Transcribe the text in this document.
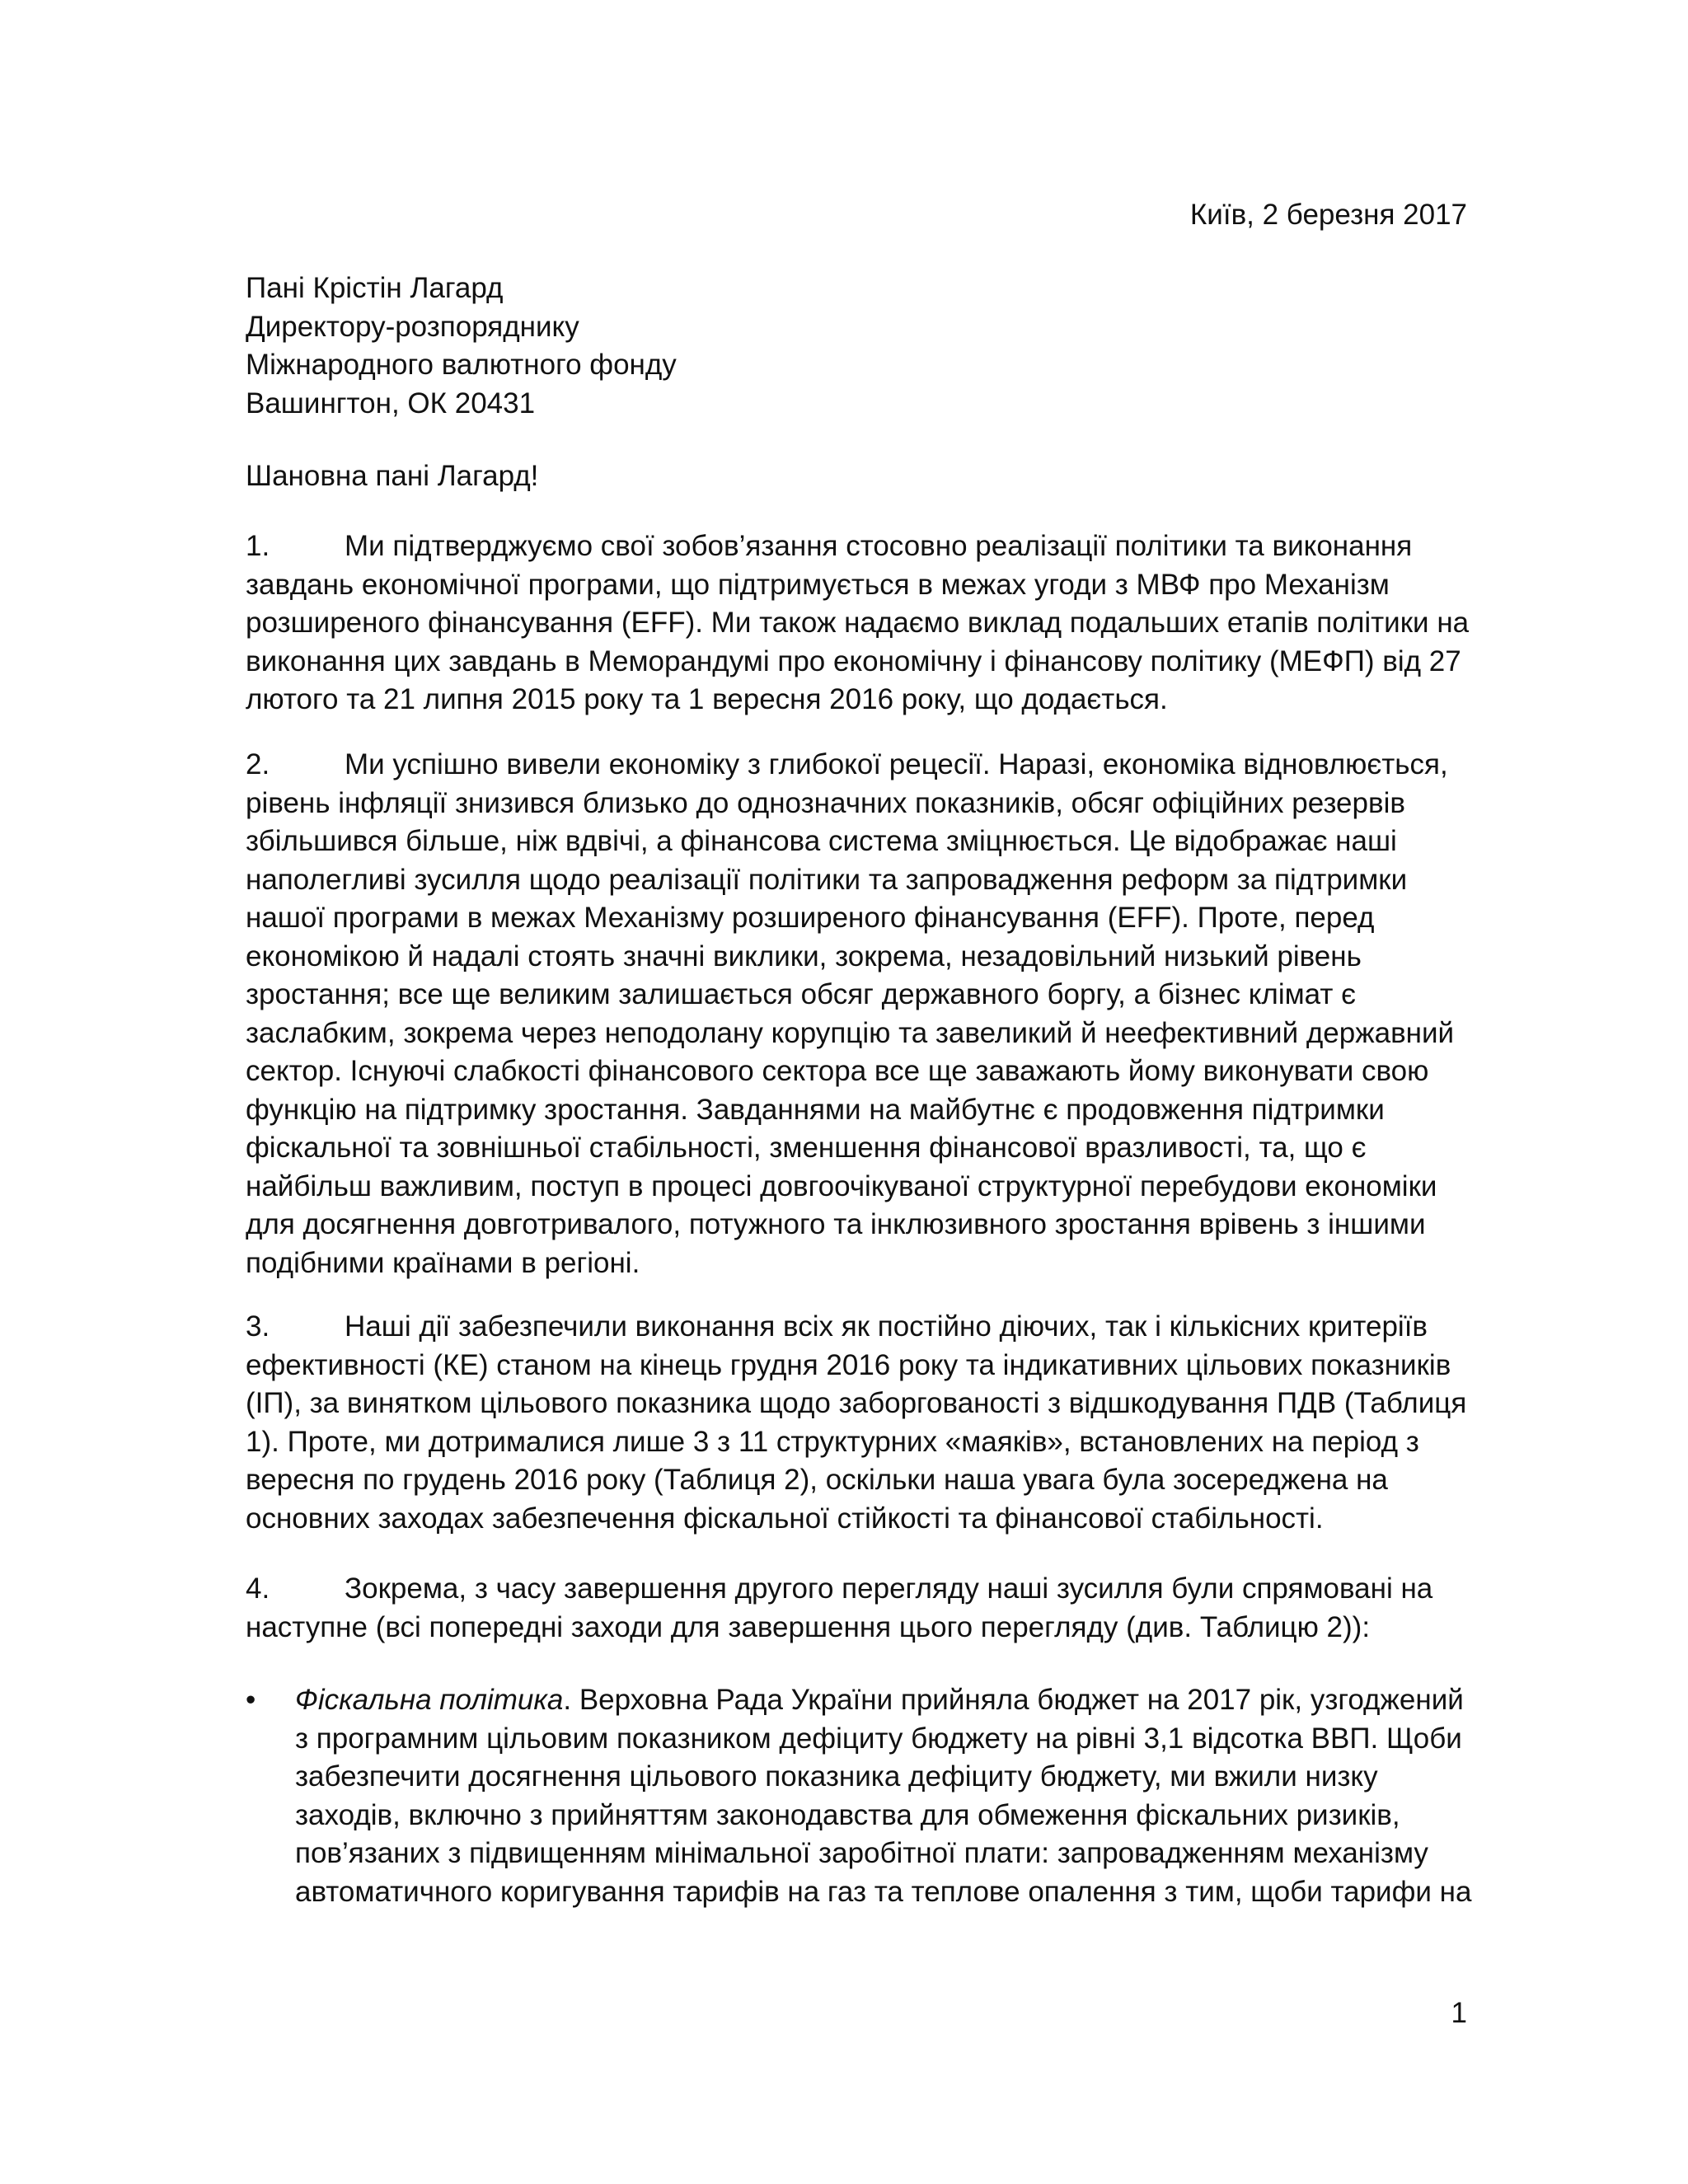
Київ, 2 березня 2017
Пані Крістін Лагард
Директору-розпоряднику
Міжнародного валютного фонду
Вашингтон, ОК 20431
Шановна пані Лагард!
1.	Ми підтверджуємо свої зобов’язання стосовно реалізації політики та виконання завдань економічної програми, що підтримується в межах угоди з МВФ про Механізм розширеного фінансування (EFF). Ми також надаємо виклад подальших етапів політики на виконання цих завдань в Меморандумі про економічну і фінансову політику (МЕФП) від 27 лютого та 21 липня 2015 року та 1 вересня 2016 року, що додається.
2.	Ми успішно вивели економіку з глибокої рецесії. Наразі, економіка відновлюється, рівень інфляції знизився близько до однозначних показників, обсяг офіційних резервів збільшився більше, ніж вдвічі, а фінансова система зміцнюється. Це відображає наші наполегливі зусилля щодо реалізації політики та запровадження реформ за підтримки нашої програми в межах Механізму розширеного фінансування (EFF). Проте, перед економікою й надалі стоять значні виклики, зокрема, незадовільний низький рівень зростання; все ще великим залишається обсяг державного боргу, а бізнес клімат є заслабким, зокрема через неподолану корупцію та завеликий й неефективний державний сектор. Існуючі слабкості фінансового сектора все ще заважають йому виконувати свою функцію на підтримку зростання. Завданнями на майбутнє є продовження підтримки фіскальної та зовнішньої стабільності, зменшення фінансової вразливості, та, що є найбільш важливим, поступ в процесі довгоочікуваної структурної перебудови економіки для досягнення довготривалого, потужного та інклюзивного зростання врівень з іншими подібними країнами в регіоні.
3.	Наші дії забезпечили виконання всіх як постійно діючих, так і кількісних критеріїв ефективності (КЕ) станом на кінець грудня 2016 року та індикативних цільових показників (ІП), за винятком цільового показника щодо заборгованості з відшкодування ПДВ (Таблиця 1). Проте, ми дотрималися лише 3 з 11 структурних «маяків», встановлених на період з вересня по грудень 2016 року (Таблиця 2), оскільки наша увага була зосереджена на основних заходах забезпечення фіскальної стійкості та фінансової стабільності.
4.	Зокрема, з часу завершення другого перегляду наші зусилля були спрямовані на наступне (всі попередні заходи для завершення цього перегляду (див. Таблицю 2)):
•	Фіскальна політика. Верховна Рада України прийняла бюджет на 2017 рік, узгоджений з програмним цільовим показником дефіциту бюджету на рівні 3,1 відсотка ВВП. Щоби забезпечити досягнення цільового показника дефіциту бюджету, ми вжили низку заходів, включно з прийняттям законодавства для обмеження фіскальних ризиків, пов’язаних з підвищенням мінімальної заробітної плати: запровадженням механізму автоматичного коригування тарифів на газ та теплове опалення з тим, щоби тарифи на
1
